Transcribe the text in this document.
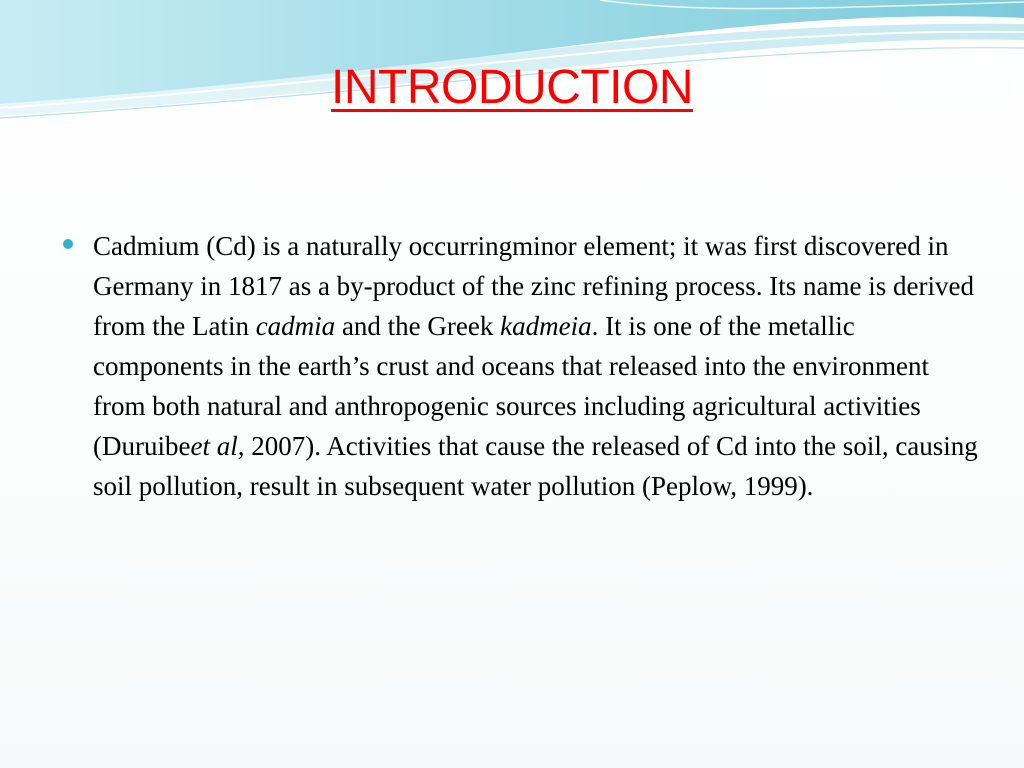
INTRODUCTION

Cadmium (Cd) is a naturally occurringminor element; it was first discovered in Germany in 1817 as a by-product of the zinc refining process. Its name is derived from the Latin cadmia and the Greek kadmeia. It is one of the metallic components in the earth’s crust and oceans that released into the environment from both natural and anthropogenic sources including agricultural activities (Duruibeet al, 2007). Activities that cause the released of Cd into the soil, causing soil pollution, result in subsequent water pollution (Peplow, 1999).
